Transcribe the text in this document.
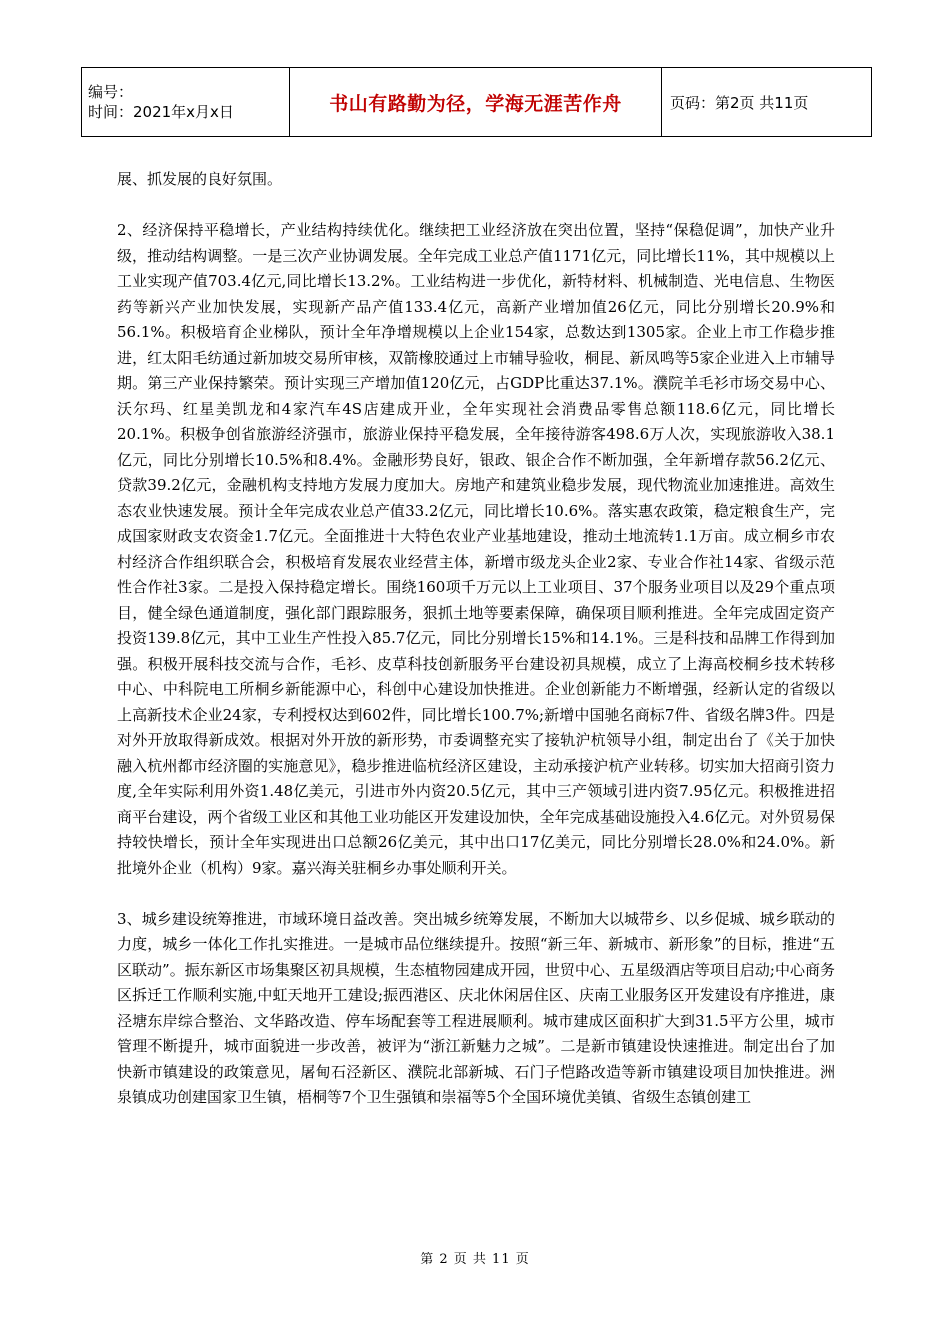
编号：
时间：2021年x月x日	书山有路勤为径，学海无涯苦作舟	页码：第2页 共11页

展、抓发展的良好氛围。

2、经济保持平稳增长，产业结构持续优化。继续把工业经济放在突出位置，坚持“保稳促调”，加快产业升级，推动结构调整。一是三次产业协调发展。全年完成工业总产值1171亿元，同比增长11%，其中规模以上工业实现产值703.4亿元,同比增长13.2%。工业结构进一步优化，新特材料、机械制造、光电信息、生物医药等新兴产业加快发展，实现新产品产值133.4亿元，高新产业增加值26亿元，同比分别增长20.9%和56.1%。积极培育企业梯队，预计全年净增规模以上企业154家，总数达到1305家。企业上市工作稳步推进，红太阳毛纺通过新加坡交易所审核，双箭橡胶通过上市辅导验收，桐昆、新凤鸣等5家企业进入上市辅导期。第三产业保持繁荣。预计实现三产增加值120亿元，占GDP比重达37.1%。濮院羊毛衫市场交易中心、沃尔玛、红星美凯龙和4家汽车4S店建成开业，全年实现社会消费品零售总额118.6亿元，同比增长20.1%。积极争创省旅游经济强市，旅游业保持平稳发展，全年接待游客498.6万人次，实现旅游收入38.1亿元，同比分别增长10.5%和8.4%。金融形势良好，银政、银企合作不断加强，全年新增存款56.2亿元、贷款39.2亿元，金融机构支持地方发展力度加大。房地产和建筑业稳步发展，现代物流业加速推进。高效生态农业快速发展。预计全年完成农业总产值33.2亿元，同比增长10.6%。落实惠农政策，稳定粮食生产，完成国家财政支农资金1.7亿元。全面推进十大特色农业产业基地建设，推动土地流转1.1万亩。成立桐乡市农村经济合作组织联合会，积极培育发展农业经营主体，新增市级龙头企业2家、专业合作社14家、省级示范性合作社3家。二是投入保持稳定增长。围绕160项千万元以上工业项目、37个服务业项目以及29个重点项目，健全绿色通道制度，强化部门跟踪服务，狠抓土地等要素保障，确保项目顺利推进。全年完成固定资产投资139.8亿元，其中工业生产性投入85.7亿元，同比分别增长15%和14.1%。三是科技和品牌工作得到加强。积极开展科技交流与合作，毛衫、皮草科技创新服务平台建设初具规模，成立了上海高校桐乡技术转移中心、中科院电工所桐乡新能源中心，科创中心建设加快推进。企业创新能力不断增强，经新认定的省级以上高新技术企业24家，专利授权达到602件，同比增长100.7%;新增中国驰名商标7件、省级名牌3件。四是对外开放取得新成效。根据对外开放的新形势，市委调整充实了接轨沪杭领导小组，制定出台了《关于加快融入杭州都市经济圈的实施意见》，稳步推进临杭经济区建设，主动承接沪杭产业转移。切实加大招商引资力度,全年实际利用外资1.48亿美元，引进市外内资20.5亿元，其中三产领域引进内资7.95亿元。积极推进招商平台建设，两个省级工业区和其他工业功能区开发建设加快，全年完成基础设施投入4.6亿元。对外贸易保持较快增长，预计全年实现进出口总额26亿美元，其中出口17亿美元，同比分别增长28.0%和24.0%。新批境外企业（机构）9家。嘉兴海关驻桐乡办事处顺利开关。

3、城乡建设统筹推进，市域环境日益改善。突出城乡统筹发展，不断加大以城带乡、以乡促城、城乡联动的力度，城乡一体化工作扎实推进。一是城市品位继续提升。按照“新三年、新城市、新形象”的目标，推进“五区联动”。振东新区市场集聚区初具规模，生态植物园建成开园，世贸中心、五星级酒店等项目启动;中心商务区拆迁工作顺利实施,中虹天地开工建设;振西港区、庆北休闲居住区、庆南工业服务区开发建设有序推进，康泾塘东岸综合整治、文华路改造、停车场配套等工程进展顺利。城市建成区面积扩大到31.5平方公里，城市管理不断提升，城市面貌进一步改善，被评为“浙江新魅力之城”。二是新市镇建设快速推进。制定出台了加快新市镇建设的政策意见，屠甸石泾新区、濮院北部新城、石门子恺路改造等新市镇建设项目加快推进。洲泉镇成功创建国家卫生镇，梧桐等7个卫生强镇和崇福等5个全国环境优美镇、省级生态镇创建工

第 2 页 共 11 页
